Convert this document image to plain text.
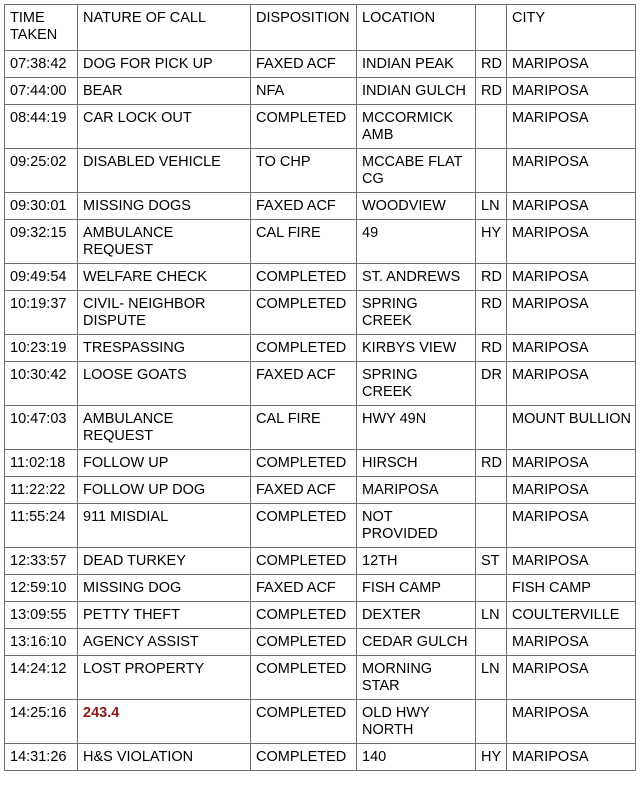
TIME TAKEN	NATURE OF CALL	DISPOSITION	LOCATION		CITY
07:38:42	DOG FOR PICK UP	FAXED ACF	INDIAN PEAK	RD	MARIPOSA
07:44:00	BEAR	NFA	INDIAN GULCH	RD	MARIPOSA
08:44:19	CAR LOCK OUT	COMPLETED	MCCORMICK AMB		MARIPOSA
09:25:02	DISABLED VEHICLE	TO CHP	MCCABE FLAT CG		MARIPOSA
09:30:01	MISSING DOGS	FAXED ACF	WOODVIEW	LN	MARIPOSA
09:32:15	AMBULANCE REQUEST	CAL FIRE	49	HY	MARIPOSA
09:49:54	WELFARE CHECK	COMPLETED	ST. ANDREWS	RD	MARIPOSA
10:19:37	CIVIL- NEIGHBOR DISPUTE	COMPLETED	SPRING CREEK	RD	MARIPOSA
10:23:19	TRESPASSING	COMPLETED	KIRBYS VIEW	RD	MARIPOSA
10:30:42	LOOSE GOATS	FAXED ACF	SPRING CREEK	DR	MARIPOSA
10:47:03	AMBULANCE REQUEST	CAL FIRE	HWY 49N		MOUNT BULLION
11:02:18	FOLLOW UP	COMPLETED	HIRSCH	RD	MARIPOSA
11:22:22	FOLLOW UP DOG	FAXED ACF	MARIPOSA		MARIPOSA
11:55:24	911 MISDIAL	COMPLETED	NOT PROVIDED		MARIPOSA
12:33:57	DEAD TURKEY	COMPLETED	12TH	ST	MARIPOSA
12:59:10	MISSING DOG	FAXED ACF	FISH CAMP		FISH CAMP
13:09:55	PETTY THEFT	COMPLETED	DEXTER	LN	COULTERVILLE
13:16:10	AGENCY ASSIST	COMPLETED	CEDAR GULCH		MARIPOSA
14:24:12	LOST PROPERTY	COMPLETED	MORNING STAR	LN	MARIPOSA
14:25:16	243.4	COMPLETED	OLD HWY NORTH		MARIPOSA
14:31:26	H&S VIOLATION	COMPLETED	140	HY	MARIPOSA
